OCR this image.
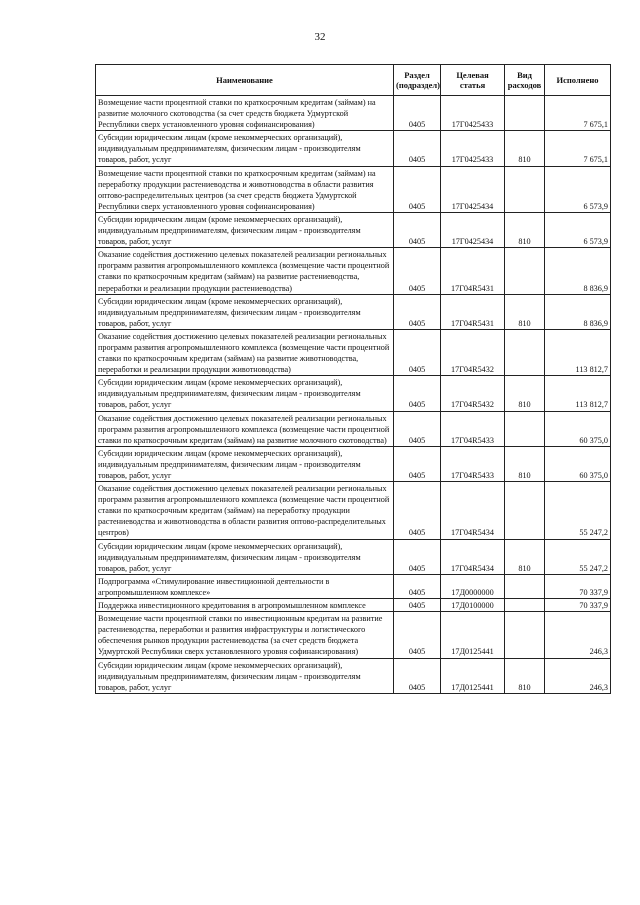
32
Наименование	Раздел (подраздел)	Целевая статья	Вид расходов	Исполнено
Возмещение части процентной ставки по краткосрочным кредитам (займам) на развитие молочного скотоводства (за счет средств бюджета Удмуртской Республики сверх установленного уровня софинансирования)	0405	17Г0425433		7 675,1
Субсидии юридическим лицам (кроме некоммерческих организаций), индивидуальным предпринимателям, физическим лицам - производителям товаров, работ, услуг	0405	17Г0425433	810	7 675,1
Возмещение части процентной ставки по краткосрочным кредитам (займам) на переработку продукции растениеводства и животноводства в области развития оптово-распределительных центров (за счет средств бюджета Удмуртской Республики сверх установленного уровня софинансирования)	0405	17Г0425434		6 573,9
Субсидии юридическим лицам (кроме некоммерческих организаций), индивидуальным предпринимателям, физическим лицам - производителям товаров, работ, услуг	0405	17Г0425434	810	6 573,9
Оказание содействия достижению целевых показателей реализации региональных программ развития агропромышленного комплекса (возмещение части процентной ставки по краткосрочным кредитам (займам) на развитие растениеводства, переработки и реализации продукции растениеводства)	0405	17Г04R5431		8 836,9
Субсидии юридическим лицам (кроме некоммерческих организаций), индивидуальным предпринимателям, физическим лицам - производителям товаров, работ, услуг	0405	17Г04R5431	810	8 836,9
Оказание содействия достижению целевых показателей реализации региональных программ развития агропромышленного комплекса (возмещение части процентной ставки по краткосрочным кредитам (займам) на развитие животноводства, переработки и реализации продукции животноводства)	0405	17Г04R5432		113 812,7
Субсидии юридическим лицам (кроме некоммерческих организаций), индивидуальным предпринимателям, физическим лицам - производителям товаров, работ, услуг	0405	17Г04R5432	810	113 812,7
Оказание содействия достижению целевых показателей реализации региональных программ развития агропромышленного комплекса (возмещение части процентной ставки по краткосрочным кредитам (займам) на развитие молочного скотоводства)	0405	17Г04R5433		60 375,0
Субсидии юридическим лицам (кроме некоммерческих организаций), индивидуальным предпринимателям, физическим лицам - производителям товаров, работ, услуг	0405	17Г04R5433	810	60 375,0
Оказание содействия достижению целевых показателей реализации региональных программ развития агропромышленного комплекса (возмещение части процентной ставки по краткосрочным кредитам (займам) на переработку продукции растениеводства и животноводства в области развития оптово-распределительных центров)	0405	17Г04R5434		55 247,2
Субсидии юридическим лицам (кроме некоммерческих организаций), индивидуальным предпринимателям, физическим лицам - производителям товаров, работ, услуг	0405	17Г04R5434	810	55 247,2
Подпрограмма «Стимулирование инвестиционной деятельности в агропромышленном комплексе»	0405	17Д0000000		70 337,9
Поддержка инвестиционного кредитования в агропромышленном комплексе	0405	17Д0100000		70 337,9
Возмещение части процентной ставки по инвестиционным кредитам на развитие растениеводства, переработки и развития инфраструктуры и логистического обеспечения рынков продукции растениеводства (за счет средств бюджета Удмуртской Республики сверх установленного уровня софинансирования)	0405	17Д0125441		246,3
Субсидии юридическим лицам (кроме некоммерческих организаций), индивидуальным предпринимателям, физическим лицам - производителям товаров, работ, услуг	0405	17Д0125441	810	246,3
